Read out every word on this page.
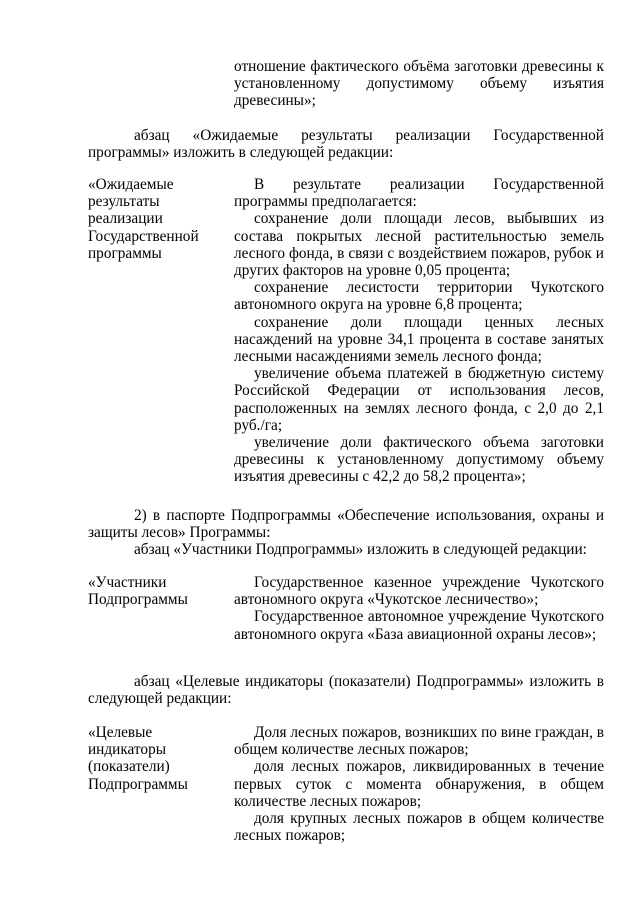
отношение фактического объёма заготовки древесины к установленному допустимому объему изъятия древесины»;

абзац «Ожидаемые результаты реализации Государственной программы» изложить в следующей редакции:

«Ожидаемые результаты реализации Государственной программы

В результате реализации Государственной программы предполагается:

сохранение доли площади лесов, выбывших из состава покрытых лесной растительностью земель лесного фонда, в связи с воздействием пожаров, рубок и других факторов на уровне 0,05 процента;

сохранение лесистости территории Чукотского автономного округа на уровне 6,8 процента;

сохранение доли площади ценных лесных насаждений на уровне 34,1 процента в составе занятых лесными насаждениями земель лесного фонда;

увеличение объема платежей в бюджетную систему Российской Федерации от использования лесов, расположенных на землях лесного фонда, с 2,0 до 2,1 руб./га;

увеличение доли фактического объема заготовки древесины к установленному допустимому объему изъятия древесины с 42,2 до 58,2 процента»;

2) в паспорте Подпрограммы «Обеспечение использования, охраны и защиты лесов» Программы:

абзац «Участники Подпрограммы» изложить в следующей редакции:

«Участники Подпрограммы

Государственное казенное учреждение Чукотского автономного округа «Чукотское лесничество»;

Государственное автономное учреждение Чукотского автономного округа «База авиационной охраны лесов»;

абзац «Целевые индикаторы (показатели) Подпрограммы» изложить в следующей редакции:

«Целевые индикаторы (показатели) Подпрограммы

Доля лесных пожаров, возникших по вине граждан, в общем количестве лесных пожаров;

доля лесных пожаров, ликвидированных в течение первых суток с момента обнаружения, в общем количестве лесных пожаров;

доля крупных лесных пожаров в общем количестве лесных пожаров;
